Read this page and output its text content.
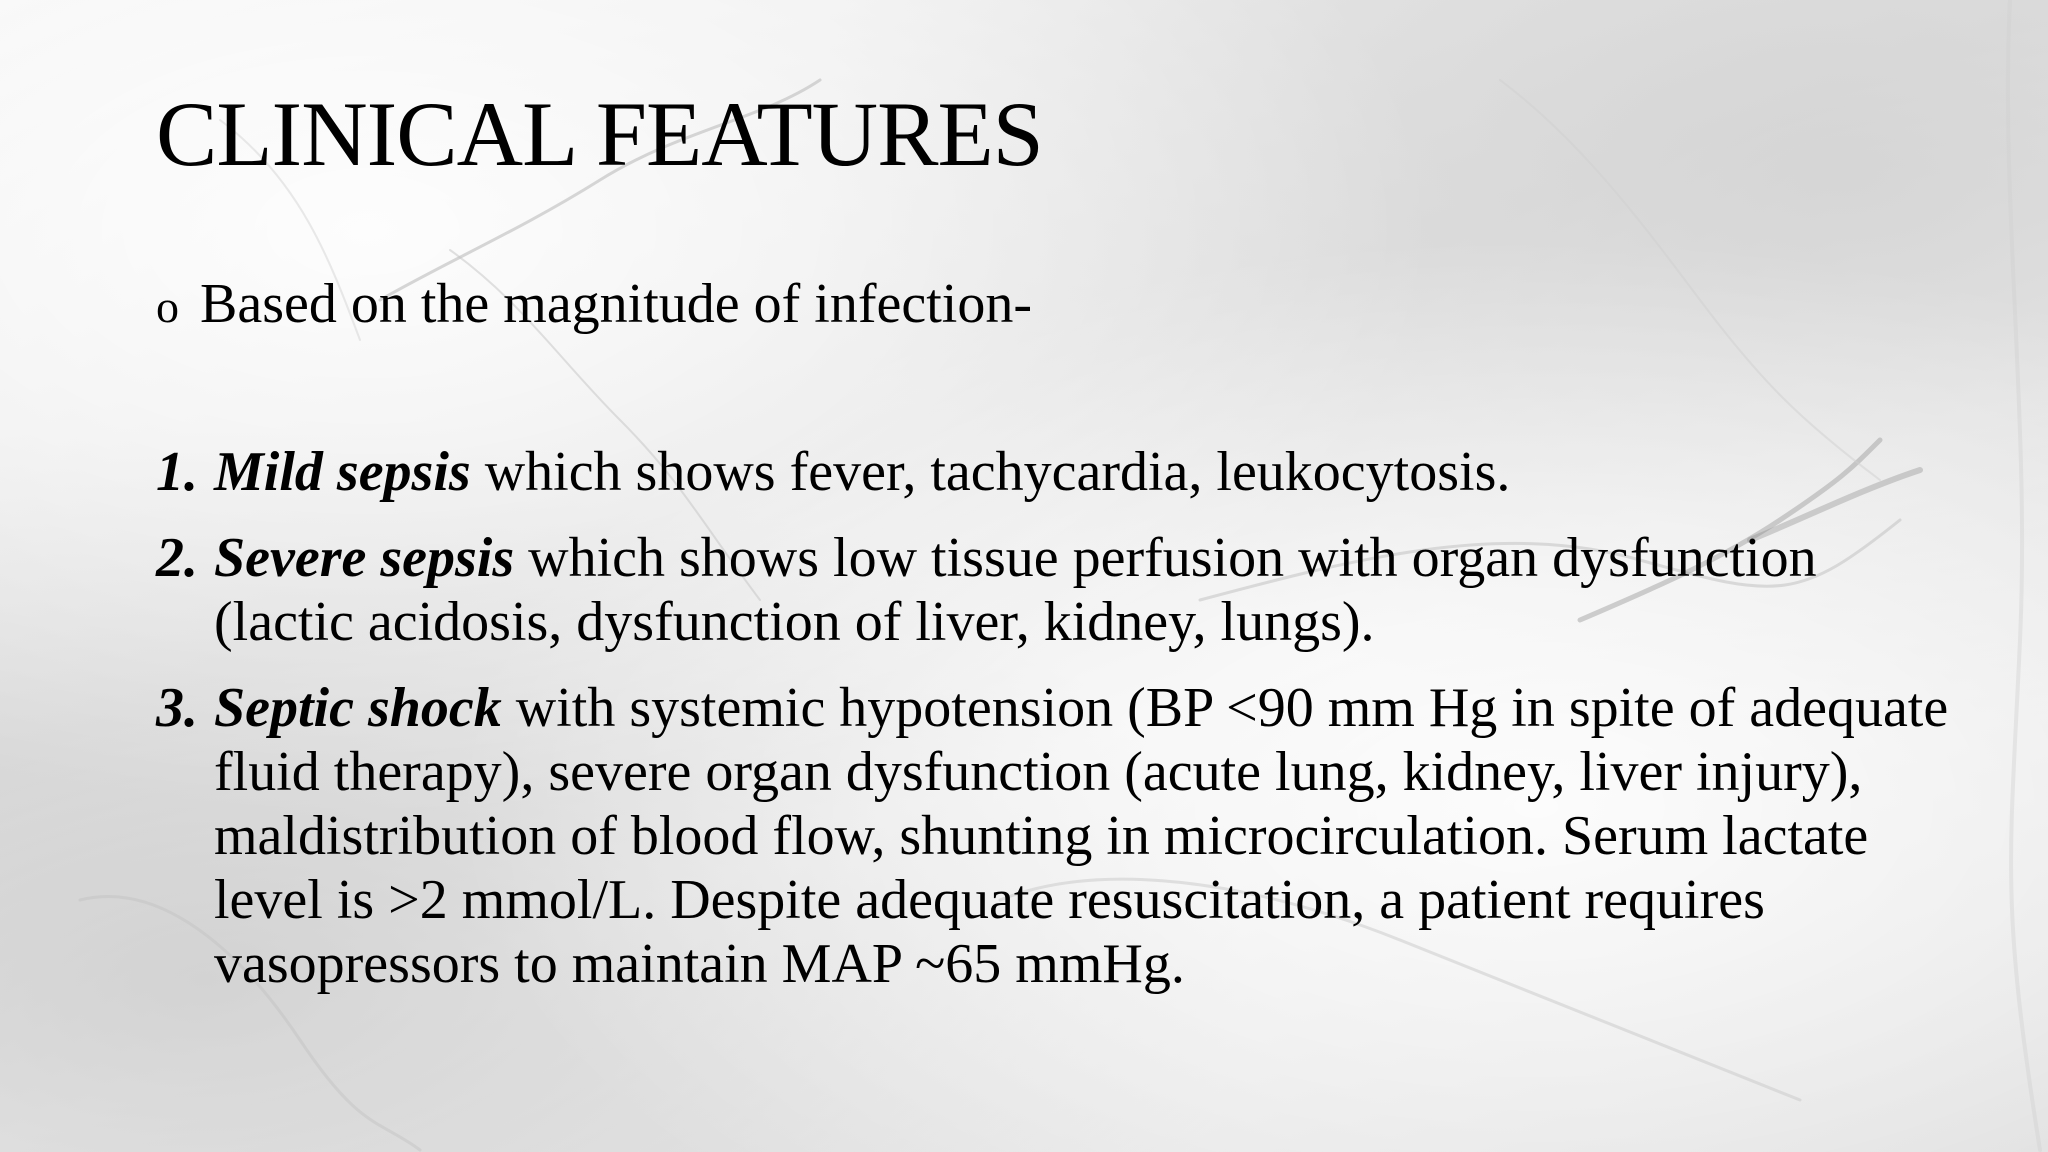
CLINICAL FEATURES
o Based on the magnitude of infection-
1. Mild sepsis which shows fever, tachycardia, leukocytosis.
2. Severe sepsis which shows low tissue perfusion with organ dysfunction (lactic acidosis, dysfunction of liver, kidney, lungs).
3. Septic shock with systemic hypotension (BP <90 mm Hg in spite of adequate fluid therapy), severe organ dysfunction (acute lung, kidney, liver injury), maldistribution of blood flow, shunting in microcirculation. Serum lactate level is >2 mmol/L. Despite adequate resuscitation, a patient requires vasopressors to maintain MAP ~65 mmHg.
